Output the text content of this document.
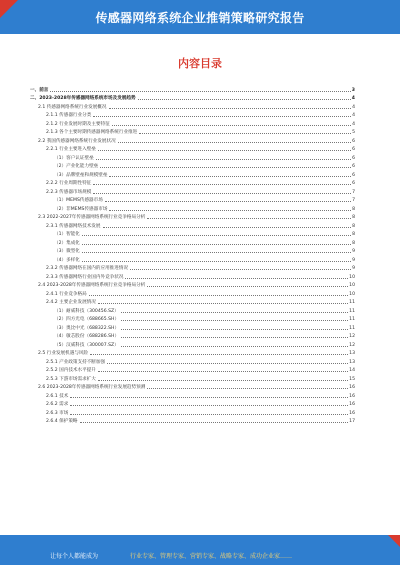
传感器网络系统企业推销策略研究报告
内容目录
一、前言	3
二、2023-2028年传感器网络系统市场及发展趋势	4
2.1 传感器网络系统行业发展概况	4
2.1.1 传感器行业分类	4
2.1.2 行业发展时期及主要特征	4
2.1.3 各个主要时期传感器网络系统行业推进	5
2.2 我国传感器网络系统行业发展状况	6
2.2.1 行业主要进入壁垒	6
（1）客户认证壁垒	6
（2）产业化能力壁垒	6
（3）品牌壁垒和规模壁垒	6
2.2.2 行业周期性特征	6
2.2.3 传感器市场规模	7
（1）MEMS传感器市场	7
（2）非MEMS传感器市场	8
2.3 2022-2027年传感器网络系统行业竞争格局分析	8
2.3.1 传感器网络技术发展	8
（1）智能化	8
（2）集成化	8
（3）微型化	9
（4）多样化	9
2.3.2 传感器网络在国内的应用推进情况	9
2.3.3 传感器网络行业国内外竞争状况	10
2.4 2023-2028年传感器网络系统行业竞争格局分析	10
2.4.1 行业竞争格局	10
2.4.2 主要企业发展情况	11
（1）耐威科技（300456.SZ）	11
（2）四方光电（688665.SH）	11
（3）奥比中光（688322.SH）	11
（4）敏芯股份（688286.SH）	12
（5）汉威科技（300007.SZ）	12
2.5 行业发展机遇与风险	13
2.5.1 产业政策支持不断加强	13
2.5.2 国内技术水平提升	14
2.5.3 下游市场需求扩大	15
2.6 2023-2028年传感器网络系统行业发展趋势预测	16
2.6.1 技术	16
2.6.2 需求	16
2.6.3 市场	16
2.6.4 保护策略	17
让每个人都能成为	行业专家、管理专家、营销专家、战略专家、成功企业家……
